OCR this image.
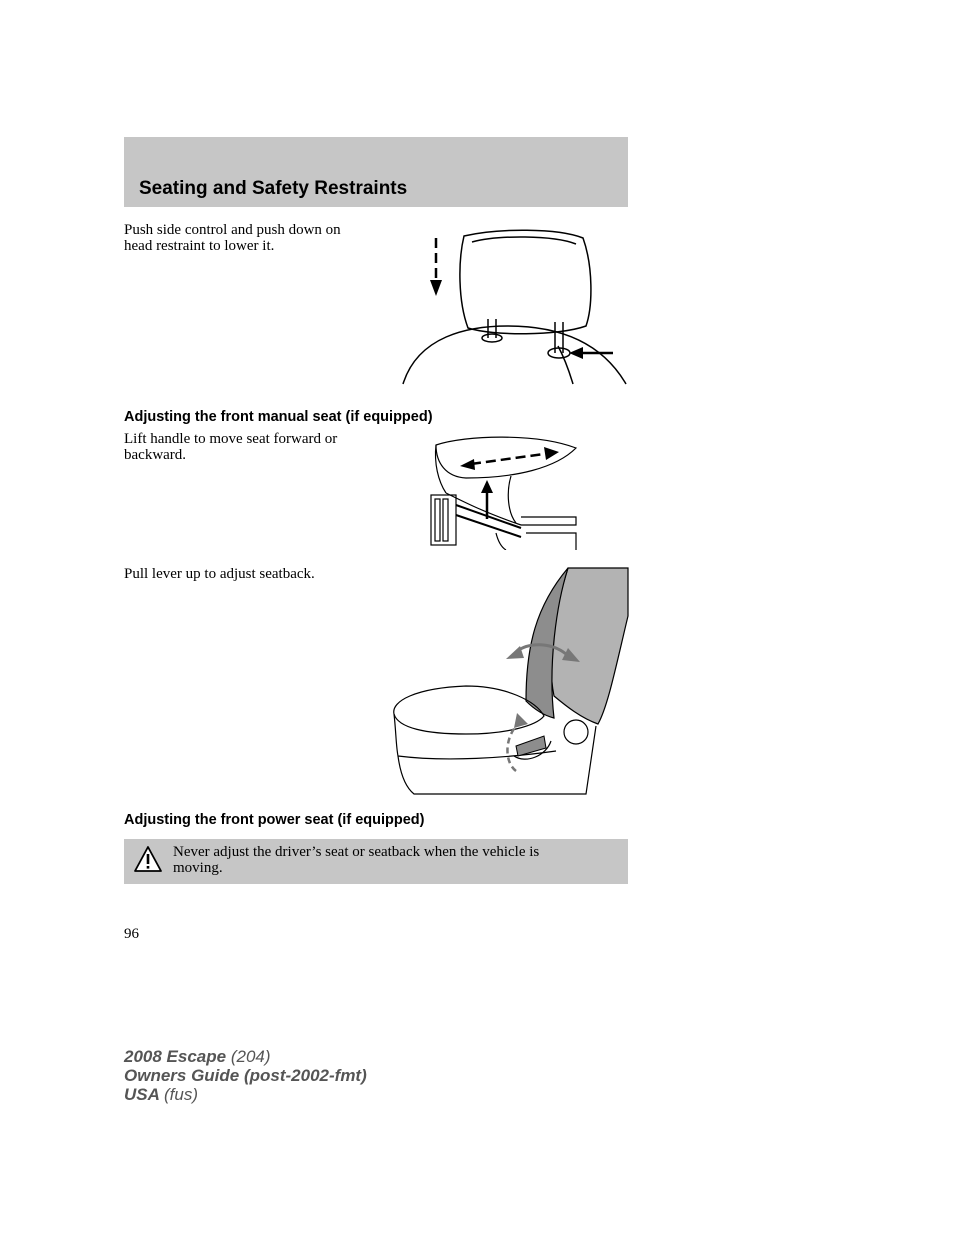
Seating and Safety Restraints
Push side control and push down on
head restraint to lower it.
Adjusting the front manual seat (if equipped)
Lift handle to move seat forward or
backward.
Pull lever up to adjust seatback.
Adjusting the front power seat (if equipped)
Never adjust the driver’s seat or seatback when the vehicle is
moving.
96
2008 Escape (204)
Owners Guide (post-2002-fmt)
USA (fus)
